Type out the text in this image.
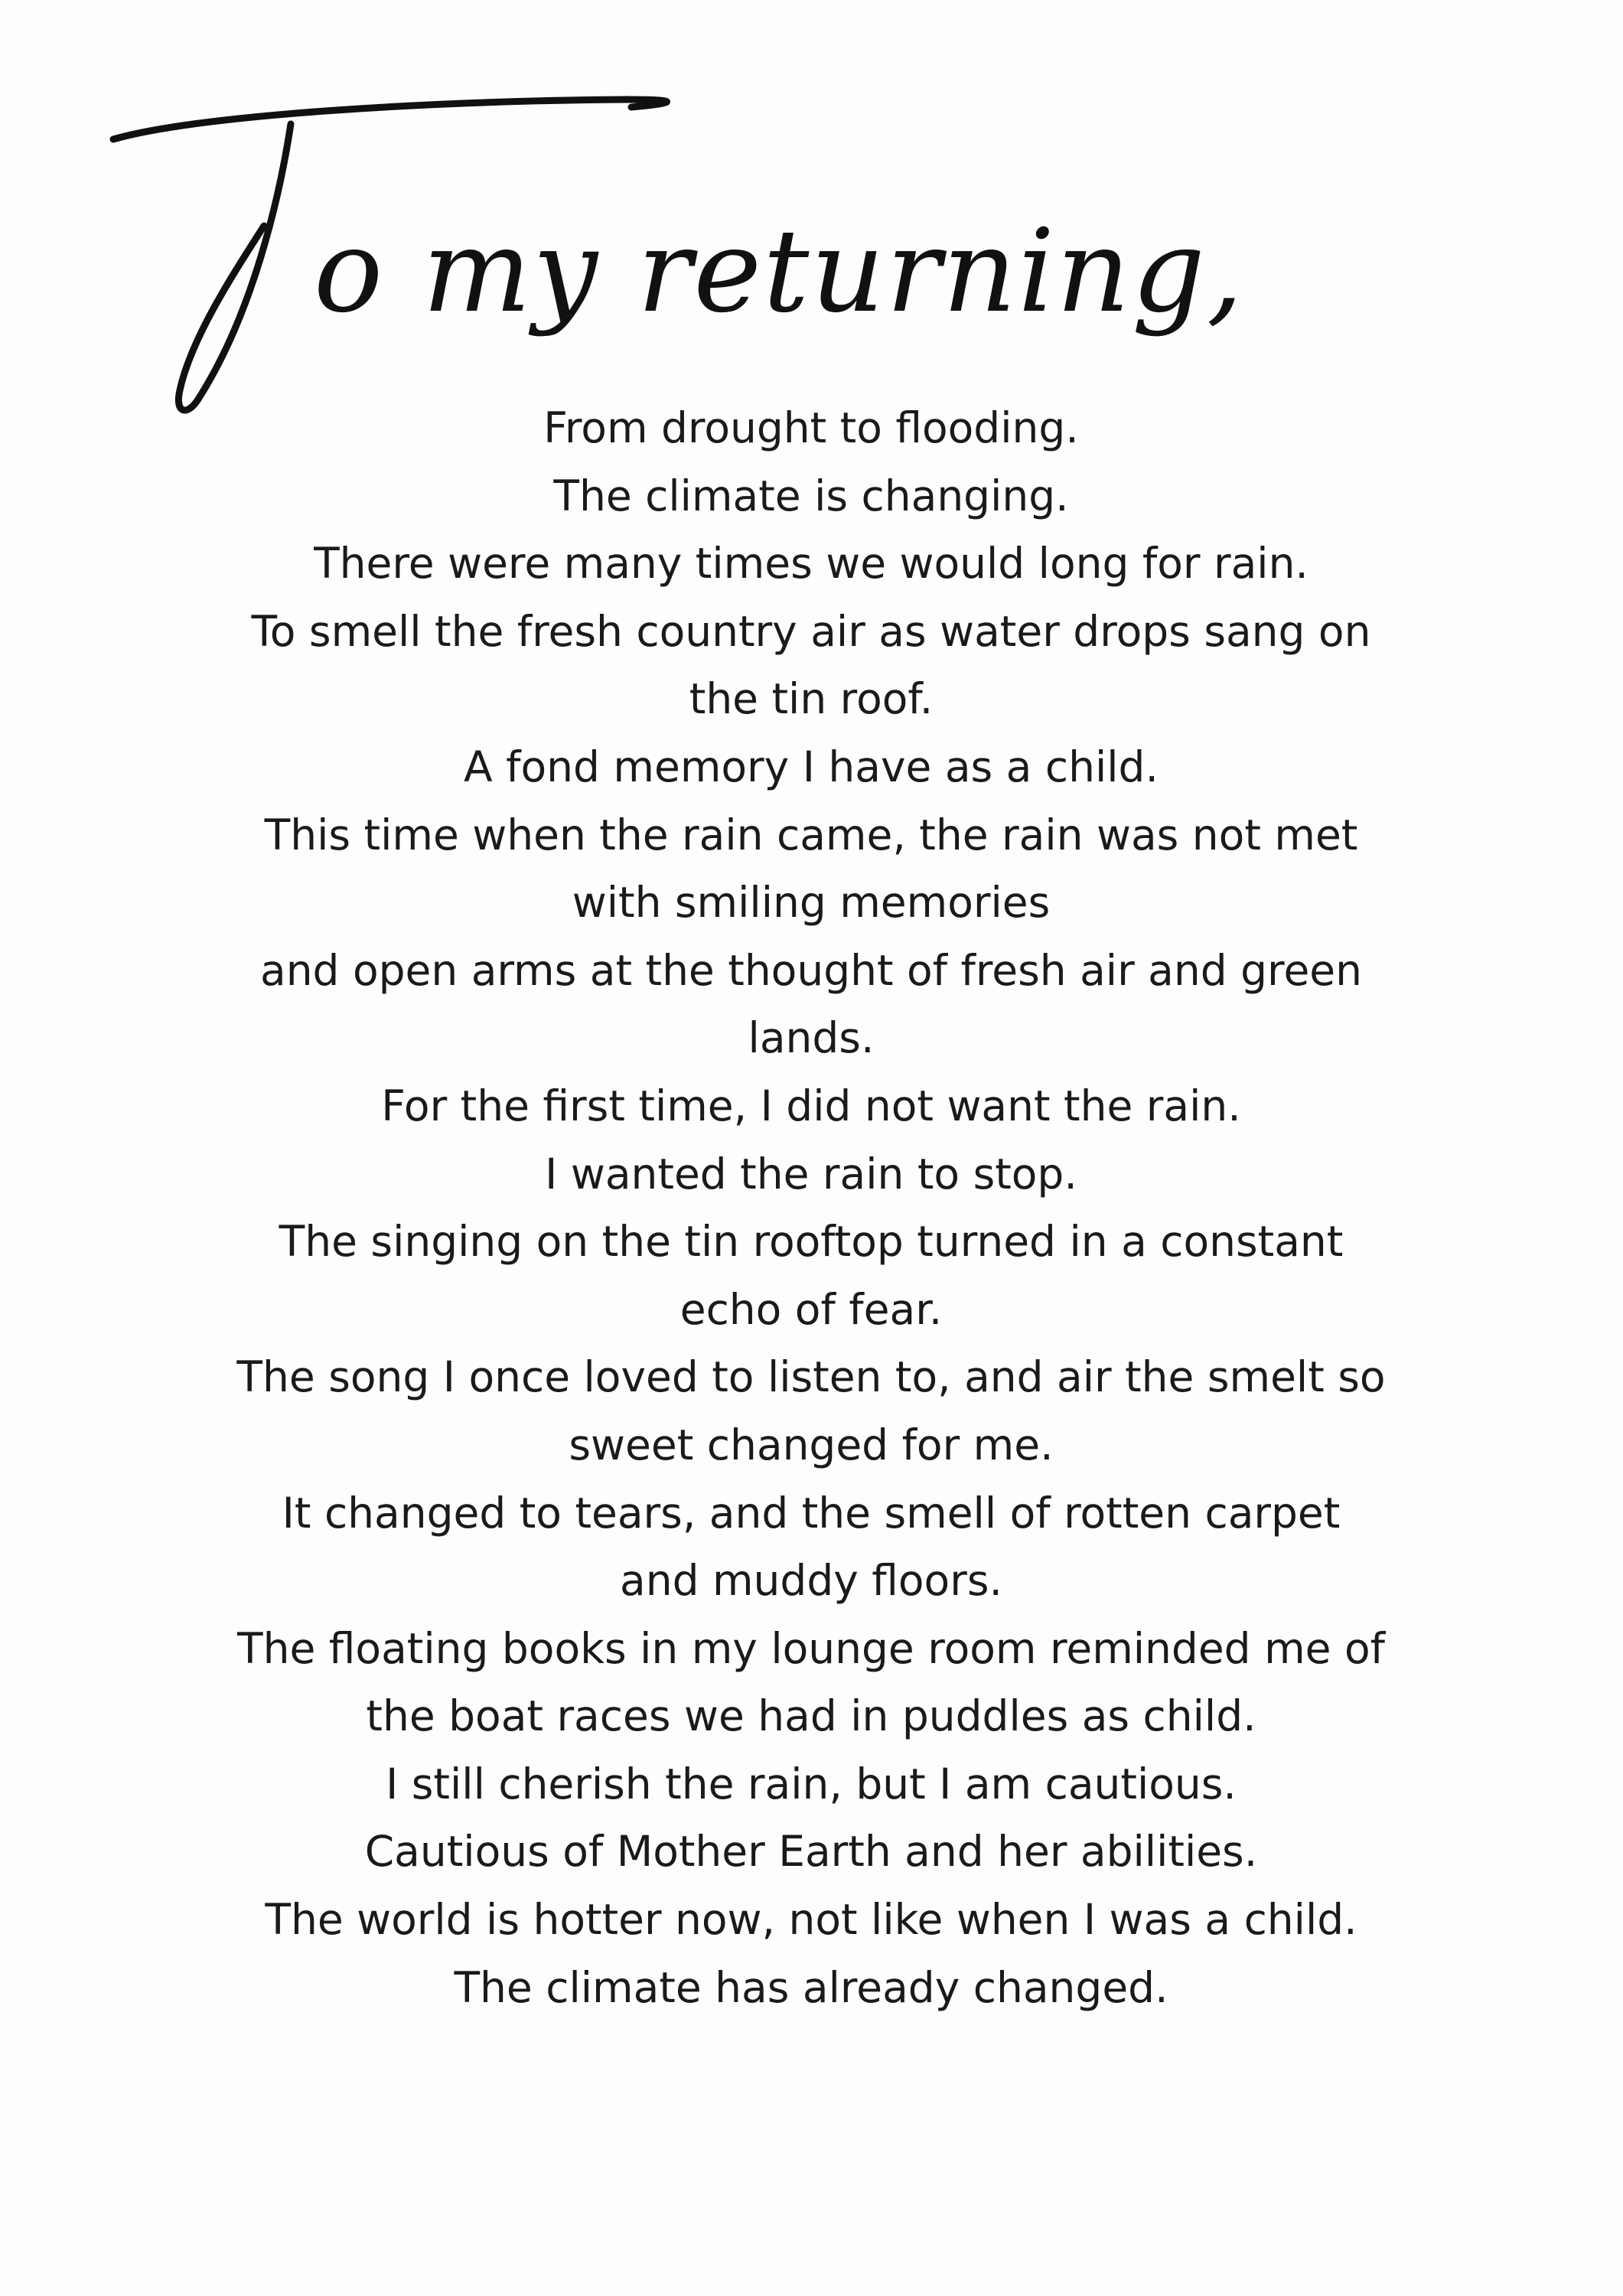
o my returning,
From drought to flooding.
The climate is changing.
There were many times we would long for rain.
To smell the fresh country air as water drops sang on
the tin roof.
A fond memory I have as a child.
This time when the rain came, the rain was not met
with smiling memories
and open arms at the thought of fresh air and green
lands.
For the first time, I did not want the rain.
I wanted the rain to stop.
The singing on the tin rooftop turned in a constant
echo of fear.
The song I once loved to listen to, and air the smelt so
sweet changed for me.
It changed to tears, and the smell of rotten carpet
and muddy floors.
The floating books in my lounge room reminded me of
the boat races we had in puddles as child.
I still cherish the rain, but I am cautious.
Cautious of Mother Earth and her abilities.
The world is hotter now, not like when I was a child.
The climate has already changed.
